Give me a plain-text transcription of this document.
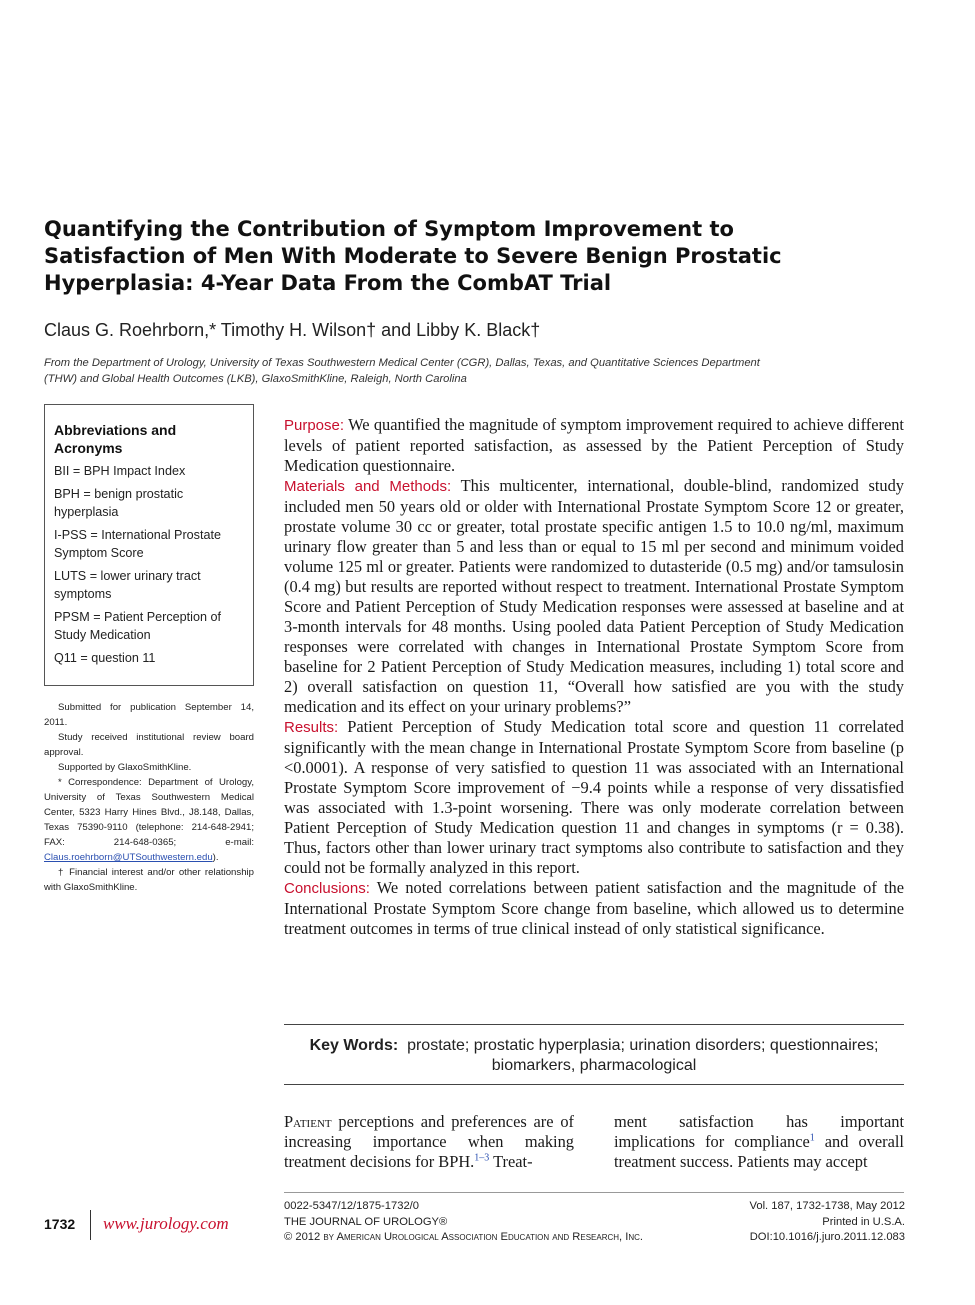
Quantifying the Contribution of Symptom Improvement to Satisfaction of Men With Moderate to Severe Benign Prostatic Hyperplasia: 4-Year Data From the CombAT Trial
Claus G. Roehrborn,* Timothy H. Wilson† and Libby K. Black†
From the Department of Urology, University of Texas Southwestern Medical Center (CGR), Dallas, Texas, and Quantitative Sciences Department (THW) and Global Health Outcomes (LKB), GlaxoSmithKline, Raleigh, North Carolina
Abbreviations and Acronyms
BII = BPH Impact Index
BPH = benign prostatic hyperplasia
I-PSS = International Prostate Symptom Score
LUTS = lower urinary tract symptoms
PPSM = Patient Perception of Study Medication
Q11 = question 11

Submitted for publication September 14, 2011.

Study received institutional review board approval.

Supported by GlaxoSmithKline.

* Correspondence: Department of Urology, University of Texas Southwestern Medical Center, 5323 Harry Hines Blvd., J8.148, Dallas, Texas 75390-9110 (telephone: 214-648-2941; FAX: 214-648-0365; e-mail: Claus.roehrborn@UTSouthwestern.edu).

† Financial interest and/or other relationship with GlaxoSmithKline.

Purpose: We quantified the magnitude of symptom improvement required to achieve different levels of patient reported satisfaction, as assessed by the Patient Perception of Study Medication questionnaire.

Materials and Methods: This multicenter, international, double-blind, randomized study included men 50 years old or older with International Prostate Symptom Score 12 or greater, prostate volume 30 cc or greater, total prostate specific antigen 1.5 to 10.0 ng/ml, maximum urinary flow greater than 5 and less than or equal to 15 ml per second and minimum voided volume 125 ml or greater. Patients were randomized to dutasteride (0.5 mg) and/or tamsulosin (0.4 mg) but results are reported without respect to treatment. International Prostate Symptom Score and Patient Perception of Study Medication responses were assessed at baseline and at 3-month intervals for 48 months. Using pooled data Patient Perception of Study Medication responses were correlated with changes in International Prostate Symptom Score from baseline for 2 Patient Perception of Study Medication measures, including 1) total score and 2) overall satisfaction on question 11, “Overall how satisfied are you with the study medication and its effect on your urinary problems?”

Results: Patient Perception of Study Medication total score and question 11 correlated significantly with the mean change in International Prostate Symptom Score from baseline (p <0.0001). A response of very satisfied to question 11 was associated with an International Prostate Symptom Score improvement of −9.4 points while a response of very dissatisfied was associated with 1.3-point worsening. There was only moderate correlation between Patient Perception of Study Medication question 11 and changes in symptoms (r = 0.38). Thus, factors other than lower urinary tract symptoms also contribute to satisfaction and they could not be formally analyzed in this report.

Conclusions: We noted correlations between patient satisfaction and the magnitude of the International Prostate Symptom Score change from baseline, which allowed us to determine treatment outcomes in terms of true clinical instead of only statistical significance.

Key Words: prostate; prostatic hyperplasia; urination disorders; questionnaires; biomarkers, pharmacological

Patient perceptions and preferences are of increasing importance when making treatment decisions for BPH.$^{1-3}$ Treat-

ment satisfaction has important implications for compliance$^1$ and overall treatment success. Patients may accept

1732 www.jurology.com
0022-5347/12/1875-1732/0
THE JOURNAL OF UROLOGY®
© 2012 by American Urological Association Education and Research, Inc.
Vol. 187, 1732-1738, May 2012
Printed in U.S.A.
DOI:10.1016/j.juro.2011.12.083
